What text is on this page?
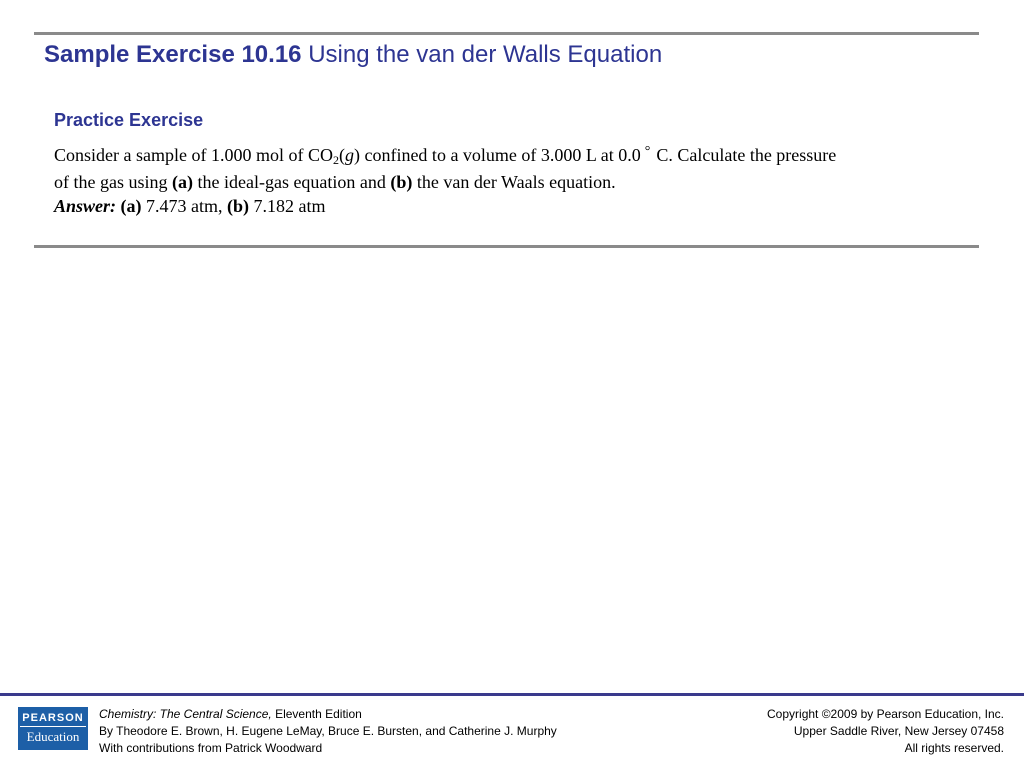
Sample Exercise 10.16 Using the van der Walls Equation
Practice Exercise

Consider a sample of 1.000 mol of $CO_2(g)$ confined to a volume of 3.000 L at 0.0 ° C. Calculate the pressure

of the gas using (a) the ideal-gas equation and (b) the van der Waals equation.

Answer: (a) 7.473 atm, (b) 7.182 atm

PEARSON
Education
Chemistry: The Central Science, Eleventh Edition
By Theodore E. Brown, H. Eugene LeMay, Bruce E. Bursten, and Catherine J. Murphy
With contributions from Patrick Woodward
Copyright ©2009 by Pearson Education, Inc.
Upper Saddle River, New Jersey 07458
All rights reserved.
